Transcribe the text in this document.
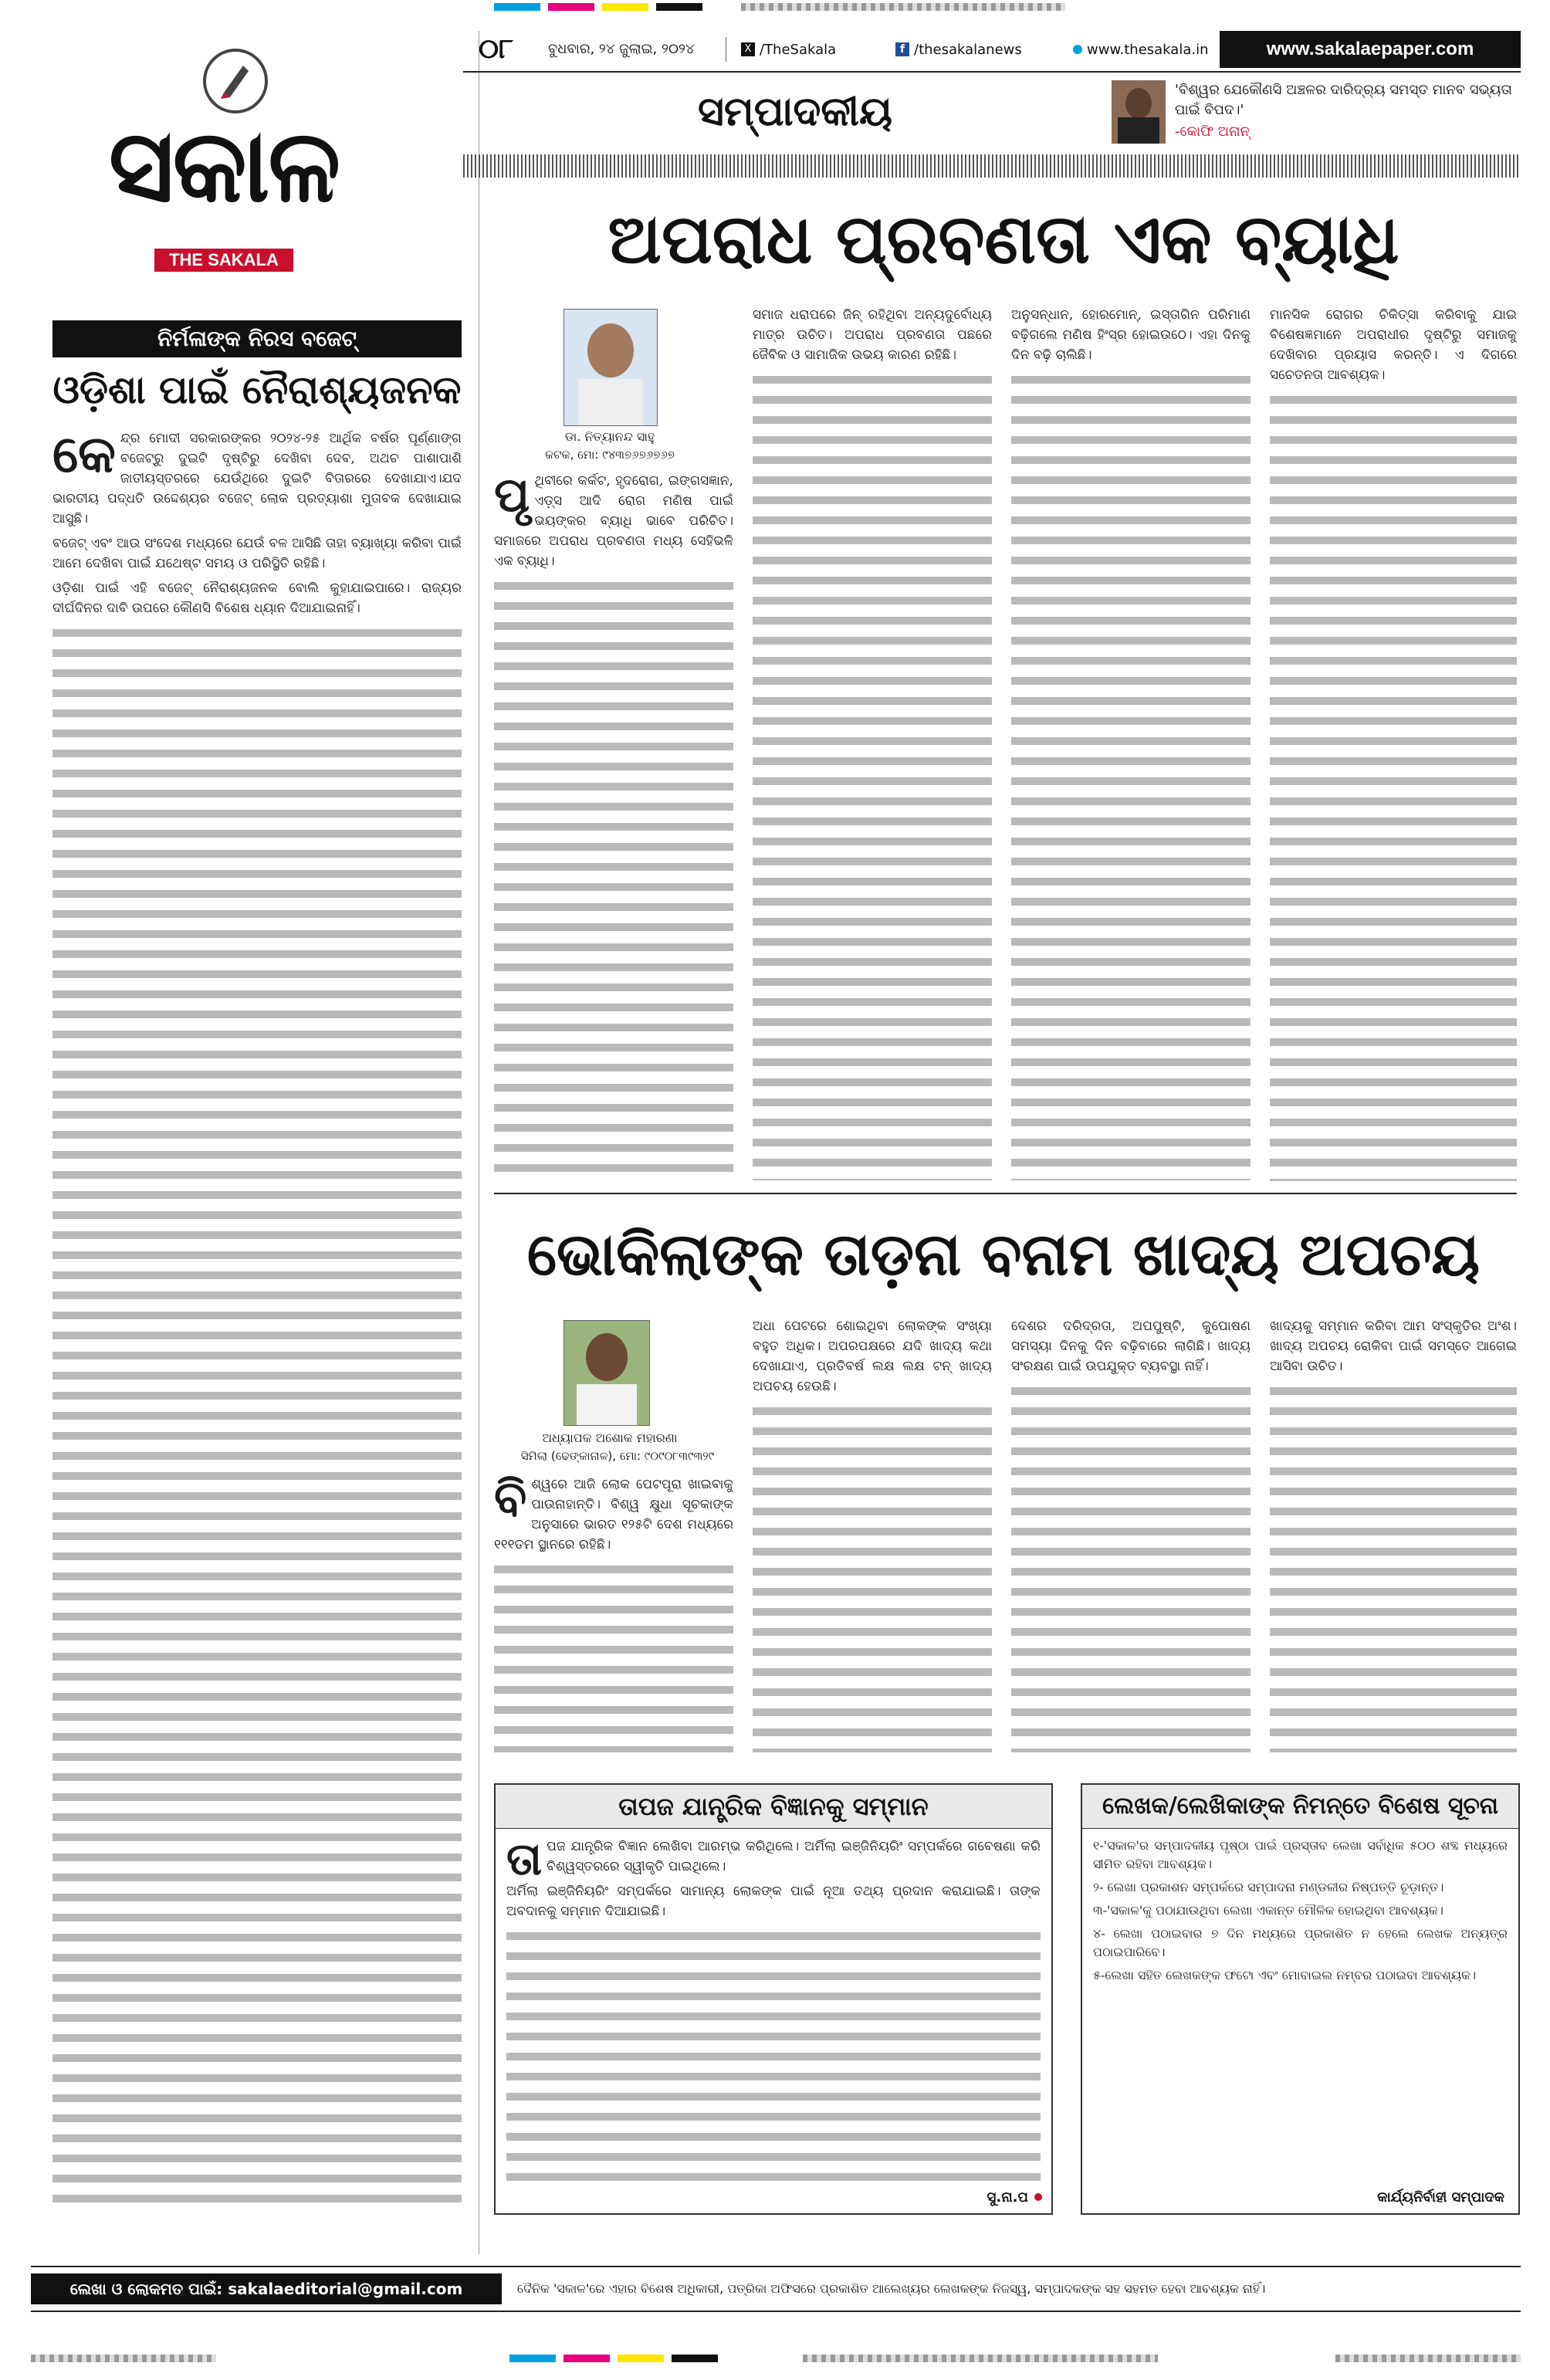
ସକାଳ
THE SAKALA
ନିର୍ମଳାଙ୍କ ନିରସ ବଜେଟ୍
ଓଡ଼ିଶା ପାଇଁ ନୈରାଶ୍ୟଜନକ
କେ ନ୍ଦ୍ର ମୋଦୀ ସରକାରଙ୍କର ୨୦୨୪-୨୫ ଆର୍ଥିକ ବର୍ଷର ପୂର୍ଣ୍ଣାଙ୍ଗ ବଜେଟ୍‌ରୁ ଦୁଇଟି ଦୃଷ୍ଟିରୁ ଦେଖିବା ଦେବ, ଅଥଚ ପାଶାପାଶି ଜାତୀୟସ୍ତରରେ ଯେଉଁଥିରେ ଦୁଇଟି ବିତାରରେ ଦେଖାଯାଏ।ଯଦ ଭାରତୀୟ ପଦ୍ଧତି ଉଦ୍ଦେଶ୍ୟର ବଜେଟ୍ ଲୋକ ପ୍ରତ୍ୟାଶା ମୁତାବକ ଦେଖାଯାଇ ଆସୁଛି।

ବଜେଟ୍ ଏବଂ ଆଉ ସଂଦେଶ ମଧ୍ୟରେ ଯେଉଁ ବଳ ଆସିଛି ତାହା ବ୍ୟାଖ୍ୟା କରିବା ପାଇଁ ଆମେ ଦେଖିବା ପାଇଁ ଯଥେଷ୍ଟ ସମୟ ଓ ପରିସ୍ଥିତି ରହିଛି।

ଓଡ଼ିଶା ପାଇଁ ଏହି ବଜେଟ୍ ନୈରାଶ୍ୟଜନକ ବୋଲି କୁହାଯାଇପାରେ। ରାଜ୍ୟର ଦୀର୍ଘଦିନର ଦାବି ଉପରେ କୌଣସି ବିଶେଷ ଧ୍ୟାନ ଦିଆଯାଇନାହିଁ।

୦୮	ବୁଧବାର, ୨୪ ଜୁଲାଇ, ୨୦୨୪	X /TheSakala	f /thesakalanews	www.thesakala.in	www.sakalaepaper.com
ସମ୍ପାଦକୀୟ	'ବିଶ୍ୱର ଯେକୌଣସି ଅଞ୍ଚଳର ଦାରିଦ୍ର୍ୟ ସମସ୍ତ ମାନବ ସଭ୍ୟତା ପାଇଁ ବିପଦ।'
-କୋଫି ଅନାନ୍
ଅପରାଧ ପ୍ରବଣତା ଏକ ବ୍ୟାଧି
ଡା. ନିତ୍ୟାନନ୍ଦ ସାହୁ
କଟକ, ମୋ: ୯୪୩୭୬୭୬୭୬୭
ପୃ ଥିବୀରେ କର୍କଟ, ହୃଦରୋଗ, ଇଙ୍ଗସଜ୍ଞାନ, ଏଡ଼୍‌ସ ଆଦି ରୋଗ ମଣିଷ ପାଇଁ ଭୟଙ୍କର ବ୍ୟାଧି ଭାବେ ପରିଚିତ। ସମାଜରେ ଅପରାଧ ପ୍ରବଣତା ମଧ୍ୟ ସେହିଭଳି ଏକ ବ୍ୟାଧି।

ସମାଜ ଧରାପରେ ଜିନ୍ ରହିଥିବା ଅନ୍ୟଦୁର୍ବୋଧ୍ୟ ମାତ୍ର ଉଚିତ। ଅପରାଧ ପ୍ରବଣତା ପଛରେ ଜୈବିକ ଓ ସାମାଜିକ ଉଭୟ କାରଣ ରହିଛି।

ଅନୁସନ୍ଧାନ, ହୋରମୋନ୍, ଇସ୍ତାଗିନ ପରିମାଣ ବଢ଼ିଗଲେ ମଣିଷ ହିଂସ୍ର ହୋଇଉଠେ। ଏହା ଦିନକୁ ଦିନ ବଢ଼ି ଚାଲିଛି।

ମାନସିକ ରୋଗର ଚିକିତ୍ସା କରିବାକୁ ଯାଇ ବିଶେଷଜ୍ଞମାନେ ଅପରାଧୀର ଦୃଷ୍ଟିରୁ ସମାଜକୁ ଦେଖିବାର ପ୍ରୟାସ କରନ୍ତି। ଏ ଦିଗରେ ସଚେତନତା ଆବଶ୍ୟକ।

ଭୋକିଲାଙ୍କ ତାଡ଼ନା ବନାମ ଖାଦ୍ୟ ଅପଚୟ
ଅଧ୍ୟାପକ ଅଶୋକ ମହାରଣା
ସିମିଲା (ଢେଙ୍କାନାଳ), ମୋ: ୯୦୯୦୮୩୯୩୨୯
ବି ଶ୍ୱରେ ଆଜି ଲୋକ ପେଟପୂରା ଖାଇବାକୁ ପାଉନାହାନ୍ତି। ବିଶ୍ୱ କ୍ଷୁଧା ସୂଚକାଙ୍କ ଅନୁସାରେ ଭାରତ ୧୨୫ଟି ଦେଶ ମଧ୍ୟରେ ୧୧୧ତମ ସ୍ଥାନରେ ରହିଛି।

ଅଧା ପେଟରେ ଶୋଇଥିବା ଲୋକଙ୍କ ସଂଖ୍ୟା ବହୁତ ଅଧିକ। ଅପରପକ୍ଷରେ ଯଦି ଖାଦ୍ୟ କଥା ଦେଖାଯାଏ, ପ୍ରତିବର୍ଷ ଲକ୍ଷ ଲକ୍ଷ ଟନ୍ ଖାଦ୍ୟ ଅପଚୟ ହେଉଛି।

ଦେଶର ଦରିଦ୍ରତା, ଅପପୁଷ୍ଟି, କୁପୋଷଣ ସମସ୍ୟା ଦିନକୁ ଦିନ ବଢ଼ିବାରେ ଲାଗିଛି। ଖାଦ୍ୟ ସଂରକ୍ଷଣ ପାଇଁ ଉପଯୁକ୍ତ ବ୍ୟବସ୍ଥା ନାହିଁ।

ଖାଦ୍ୟକୁ ସମ୍ମାନ କରିବା ଆମ ସଂସ୍କୃତିର ଅଂଶ। ଖାଦ୍ୟ ଅପଚୟ ରୋକିବା ପାଇଁ ସମସ୍ତେ ଆଗେଇ ଆସିବା ଉଚିତ।

ତାପଜ ଯାନ୍ତ୍ରିକ ବିଜ୍ଞାନକୁ ସମ୍ମାନ
ତା ପଜ ଯାନ୍ତ୍ରିକ ବିଜ୍ଞାନ ଲେଖିବା ଆରମ୍ଭ କରିଥିଲେ। ଅର୍ମିଲା ଇଞ୍ଜିନିୟରିଂ ସମ୍ପର୍କରେ ଗବେଷଣା କରି ବିଶ୍ୱସ୍ତରରେ ସ୍ୱୀକୃତି ପାଇଥିଲେ।

ଅର୍ମିଲା ଇଞ୍ଜିନିୟରିଂ ସମ୍ପର୍କରେ ସାମାନ୍ୟ ଲୋକଙ୍କ ପାଇଁ ନୂଆ ତଥ୍ୟ ପ୍ରଦାନ କରାଯାଇଛି। ତାଙ୍କ ଅବଦାନକୁ ସମ୍ମାନ ଦିଆଯାଇଛି।

ସୁ.ନା.ପ
ଲେଖକ/ଲେଖିକାଙ୍କ ନିମନ୍ତେ ବିଶେଷ ସୂଚନା

୧-'ସକାଳ'ର ସମ୍ପାଦକୀୟ ପୃଷ୍ଠା ପାଇଁ ପ୍ରସ୍ତାବ ଲେଖା ସର୍ବାଧିକ ୫୦୦ ଶବ୍ଦ ମଧ୍ୟରେ ସୀମିତ ରହିବା ଆବଶ୍ୟକ।

୨- ଲେଖା ପ୍ରକାଶନ ସମ୍ପର୍କରେ ସମ୍ପାଦନା ମଣ୍ଡଳୀର ନିଷ୍ପତ୍ତି ଚୂଡ଼ାନ୍ତ।

୩-'ସକାଳ'କୁ ପଠାଯାଉଥିବା ଲେଖା ଏକାନ୍ତ ମୌଳିକ ହୋଇଥିବା ଆବଶ୍ୟକ।

୪- ଲେଖା ପଠାଇବାର ୭ ଦିନ ମଧ୍ୟରେ ପ୍ରକାଶିତ ନ ହେଲେ ଲେଖକ ଅନ୍ୟତ୍ର ପଠାଇପାରିବେ।

୫-ଲେଖା ସହିତ ଲେଖକଙ୍କ ଫଟୋ ଏବଂ ମୋବାଇଲ ନମ୍ବର ପଠାଇବା ଆବଶ୍ୟକ।

କାର୍ଯ୍ୟନିର୍ବାହୀ ସମ୍ପାଦକ
ଲେଖା ଓ ଲୋକମତ ପାଇଁ: sakalaeditorial@gmail.com	ଦୈନିକ 'ସକାଳ'ରେ ଏହାର ବିଶେଷ ଅଧିକାରୀ, ପତ୍ରିକା ଅଫିସରେ ପ୍ରକାଶିତ ଆଲେଖ୍ୟର ଲେଖକଙ୍କ ନିଜସ୍ୱ, ସମ୍ପାଦକଙ୍କ ସହ ସହମତ ହେବା ଆବଶ୍ୟକ ନାହିଁ।
